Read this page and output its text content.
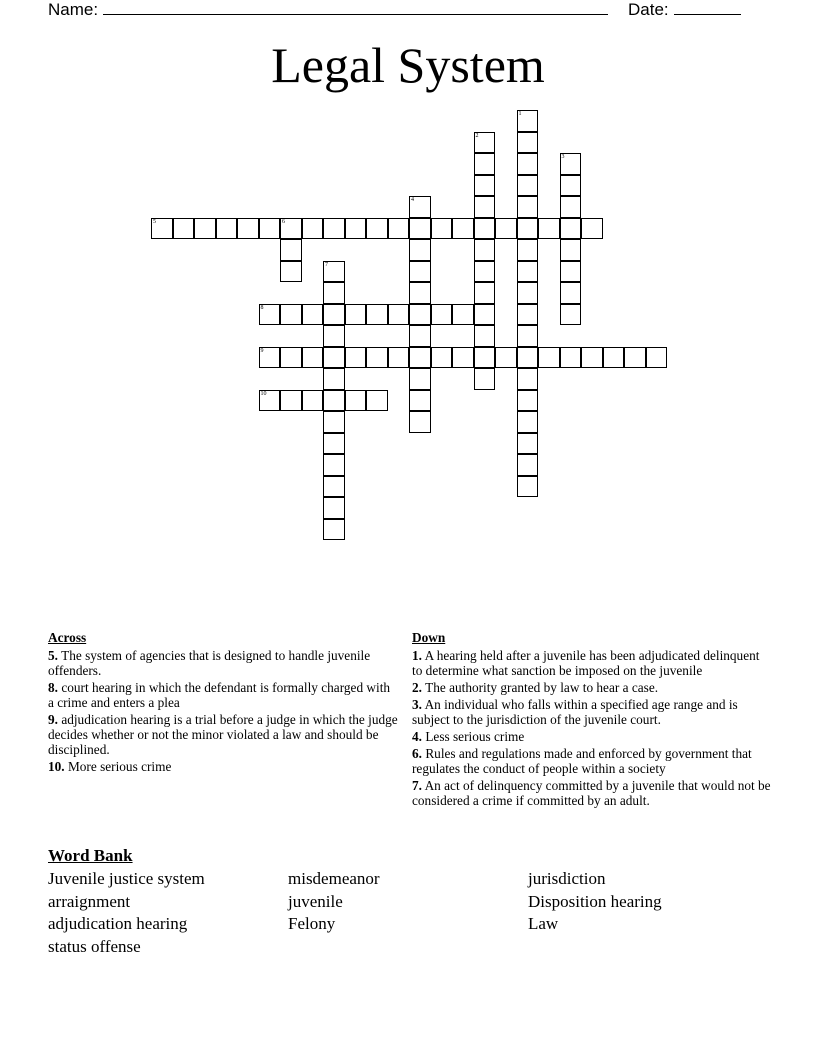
Name:	Date:
Legal System
1
2
3
4
5	6
7
8
9
10
Across
5. The system of agencies that is designed to handle juvenile offenders.
8. court hearing in which the defendant is formally charged with a crime and enters a plea
9. adjudication hearing is a trial before a judge in which the judge decides whether or not the minor violated a law and should be disciplined.
10. More serious crime
Down
1. A hearing held after a juvenile has been adjudicated delinquent to determine what sanction be imposed on the juvenile
2. The authority granted by law to hear a case.
3. An individual who falls within a specified age range and is subject to the jurisdiction of the juvenile court.
4. Less serious crime
6. Rules and regulations made and enforced by government that regulates the conduct of people within a society
7. An act of delinquency committed by a juvenile that would not be considered a crime if committed by an adult.
Word Bank
Juvenile justice system	misdemeanor	jurisdiction
arraignment	juvenile	Disposition hearing
adjudication hearing	Felony	Law
status offense
